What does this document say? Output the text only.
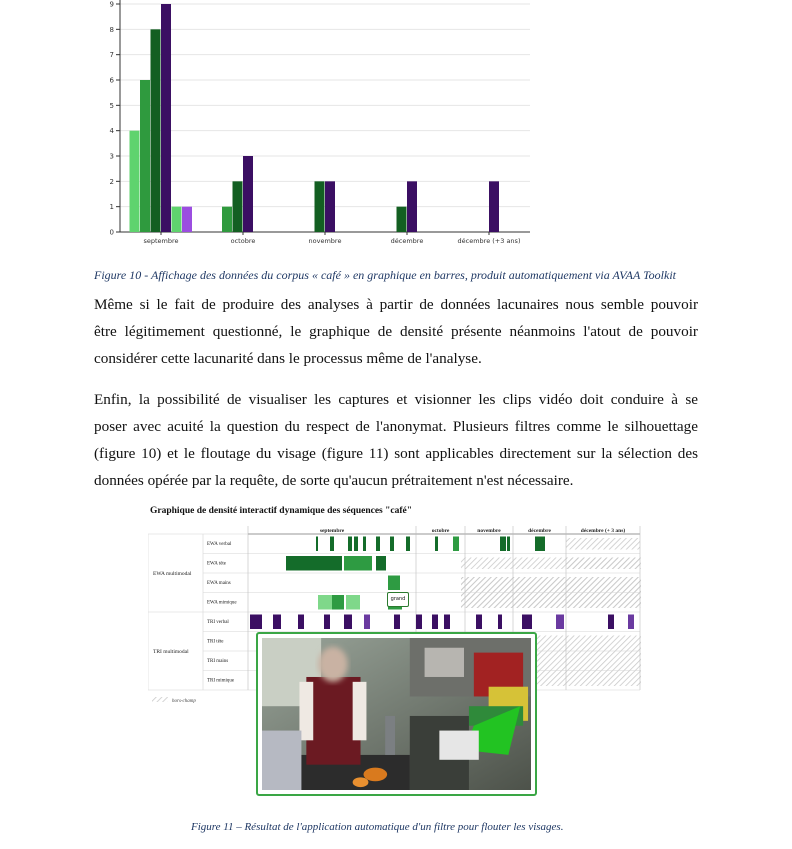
0
1
2
3
4
5
6
7
8
9
septembre	octobre	novembre	décembre	décembre (+3 ans)
Figure 10 - Affichage des données du corpus « café » en graphique en barres, produit automatiquement via AVAA Toolkit
Même si le fait de produire des analyses à partir de données lacunaires nous semble pouvoir
être légitimement questionné, le graphique de densité présente néanmoins l'atout de pouvoir
considérer cette lacunarité dans le processus même de l'analyse.
Enfin, la possibilité de visualiser les captures et visionner les clips vidéo doit conduire à se
poser avec acuité la question du respect de l'anonymat. Plusieurs filtres comme le silhouettage
(figure 10) et le floutage du visage (figure 11) sont applicables directement sur la sélection des
données opérée par la requête, de sorte qu'aucun prétraitement n'est nécessaire.
Graphique de densité interactif dynamique des séquences "café"
septembre	octobre	novembre	décembre	décembre (+ 3 ans)
EWA multimodal
EWA verbal
EWA tête
EWA mains
EWA mimique
TRI multimodal
TRI verbal
TRI tête
TRI mains
TRI mimique
hors-champ
grand
Figure 11 – Résultat de l'application automatique d'un filtre pour flouter les visages.
